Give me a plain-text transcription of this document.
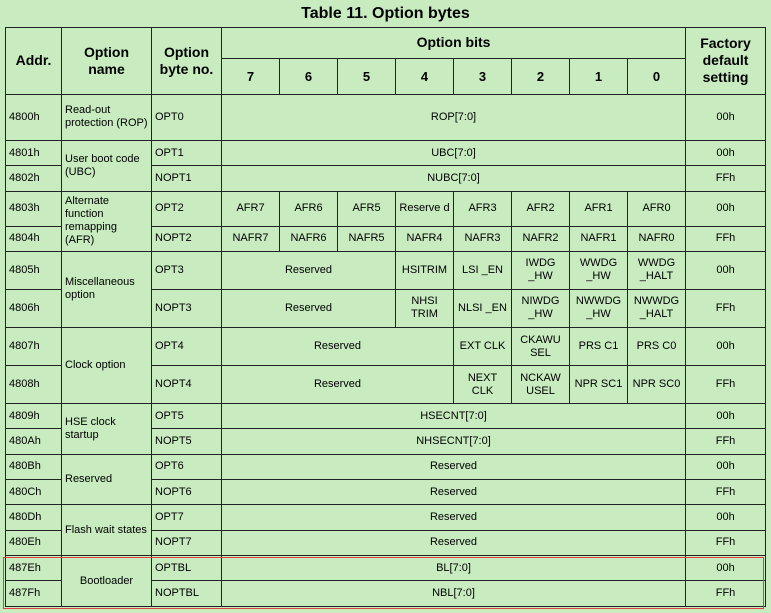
Table 11. Option bytes
Addr.	Option name	Option byte no.	Option bits								Factory default setting
			7	6	5	4	3	2	1	0	
4800h	Read-out protection (ROP)	OPT0	ROP[7:0]								00h
4801h	User boot code (UBC)	OPT1	UBC[7:0]								00h
4802h		NOPT1	NUBC[7:0]								FFh
4803h	Alternate function remapping (AFR)	OPT2	AFR7	AFR6	AFR5	Reserve d	AFR3	AFR2	AFR1	AFR0	00h
4804h		NOPT2	NAFR7	NAFR6	NAFR5	NAFR4	NAFR3	NAFR2	NAFR1	NAFR0	FFh
4805h	Miscellaneous option	OPT3	Reserved			HSITRIM	LSI _EN	IWDG _HW	WWDG _HW	WWDG _HALT	00h
4806h		NOPT3	Reserved			NHSI TRIM	NLSI _EN	NIWDG _HW	NWWDG _HW	NWWDG _HALT	FFh
4807h	Clock option	OPT4	Reserved				EXT CLK	CKAWU SEL	PRS C1	PRS C0	00h
4808h		NOPT4	Reserved				NEXT CLK	NCKAW USEL	NPR SC1	NPR SC0	FFh
4809h	HSE clock startup	OPT5	HSECNT[7:0]								00h
480Ah		NOPT5	NHSECNT[7:0]								FFh
480Bh	Reserved	OPT6	Reserved								00h
480Ch		NOPT6	Reserved								FFh
480Dh	Flash wait states	OPT7	Reserved								00h
480Eh		NOPT7	Reserved								FFh
487Eh	Bootloader	OPTBL	BL[7:0]								00h
487Fh		NOPTBL	NBL[7:0]								FFh
